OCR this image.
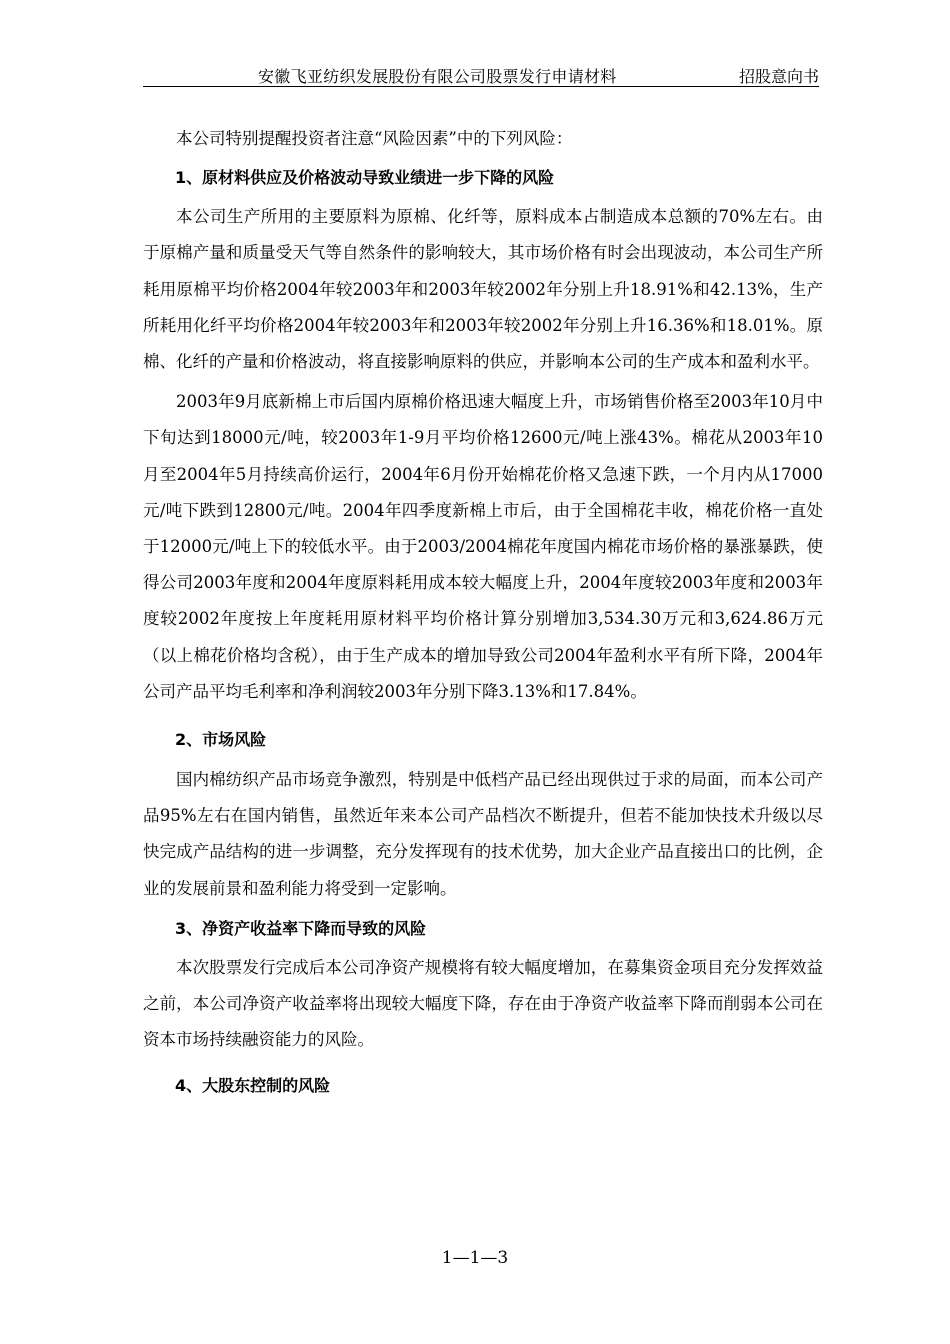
安徽飞亚纺织发展股份有限公司股票发行申请材料	招股意向书

本公司特别提醒投资者注意“风险因素”中的下列风险：

1、原材料供应及价格波动导致业绩进一步下降的风险

本公司生产所用的主要原料为原棉、化纤等，原料成本占制造成本总额的70%左右。由于原棉产量和质量受天气等自然条件的影响较大，其市场价格有时会出现波动，本公司生产所耗用原棉平均价格2004年较2003年和2003年较2002年分别上升18.91%和42.13%，生产所耗用化纤平均价格2004年较2003年和2003年较2002年分别上升16.36%和18.01%。原棉、化纤的产量和价格波动，将直接影响原料的供应，并影响本公司的生产成本和盈利水平。

2003年9月底新棉上市后国内原棉价格迅速大幅度上升，市场销售价格至2003年10月中下旬达到18000元/吨，较2003年1-9月平均价格12600元/吨上涨43%。棉花从2003年10月至2004年5月持续高价运行，2004年6月份开始棉花价格又急速下跌，一个月内从17000元/吨下跌到12800元/吨。2004年四季度新棉上市后，由于全国棉花丰收，棉花价格一直处于12000元/吨上下的较低水平。由于2003/2004棉花年度国内棉花市场价格的暴涨暴跌，使得公司2003年度和2004年度原料耗用成本较大幅度上升，2004年度较2003年度和2003年度较2002年度按上年度耗用原材料平均价格计算分别增加3,534.30万元和3,624.86万元（以上棉花价格均含税），由于生产成本的增加导致公司2004年盈利水平有所下降，2004年公司产品平均毛利率和净利润较2003年分别下降3.13%和17.84%。

2、市场风险

国内棉纺织产品市场竞争激烈，特别是中低档产品已经出现供过于求的局面，而本公司产品95%左右在国内销售，虽然近年来本公司产品档次不断提升，但若不能加快技术升级以尽快完成产品结构的进一步调整，充分发挥现有的技术优势，加大企业产品直接出口的比例，企业的发展前景和盈利能力将受到一定影响。

3、净资产收益率下降而导致的风险

本次股票发行完成后本公司净资产规模将有较大幅度增加，在募集资金项目充分发挥效益之前，本公司净资产收益率将出现较大幅度下降，存在由于净资产收益率下降而削弱本公司在资本市场持续融资能力的风险。

4、大股东控制的风险

1—1—3
